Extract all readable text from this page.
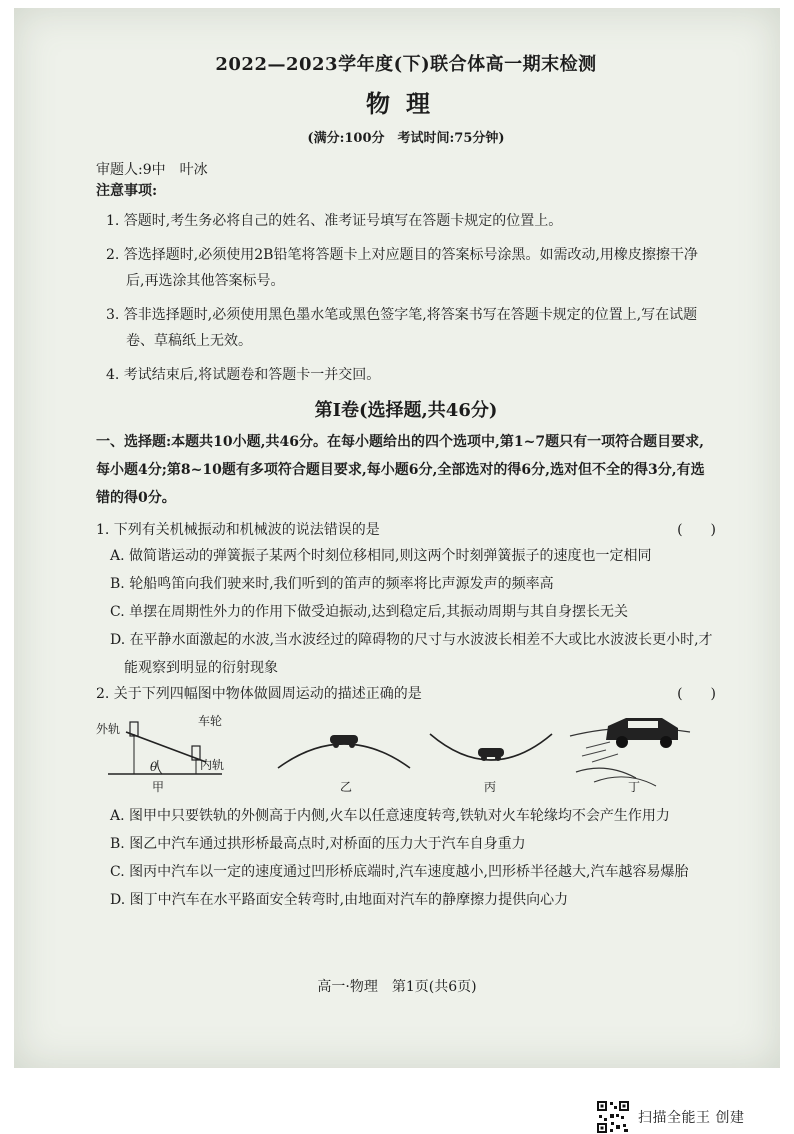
2022—2023学年度(下)联合体高一期末检测

物理

(满分:100分　考试时间:75分钟)

审题人:9中　叶冰

注意事项:

1. 答题时,考生务必将自己的姓名、准考证号填写在答题卡规定的位置上。

2. 答选择题时,必须使用2B铅笔将答题卡上对应题目的答案标号涂黑。如需改动,用橡皮擦擦干净后,再选涂其他答案标号。

3. 答非选择题时,必须使用黑色墨水笔或黑色签字笔,将答案书写在答题卡规定的位置上,写在试题卷、草稿纸上无效。

4. 考试结束后,将试题卷和答题卡一并交回。

第Ⅰ卷(选择题,共46分)

一、选择题:本题共10小题,共46分。在每小题给出的四个选项中,第1~7题只有一项符合题目要求,每小题4分;第8~10题有多项符合题目要求,每小题6分,全部选对的得6分,选对但不全的得3分,有选错的得0分。

1. 下列有关机械振动和机械波的说法错误的是	(　　)

A. 做简谐运动的弹簧振子某两个时刻位移相同,则这两个时刻弹簧振子的速度也一定相同

B. 轮船鸣笛向我们驶来时,我们听到的笛声的频率将比声源发声的频率高

C. 单摆在周期性外力的作用下做受迫振动,达到稳定后,其振动周期与其自身摆长无关

D. 在平静水面激起的水波,当水波经过的障碍物的尺寸与水波波长相差不大或比水波波长更小时,才能观察到明显的衍射现象

2. 关于下列四幅图中物体做圆周运动的描述正确的是	(　　)

外轨
车轮
内轨
θ
甲	乙	丙	丁

A. 图甲中只要铁轨的外侧高于内侧,火车以任意速度转弯,铁轨对火车轮缘均不会产生作用力

B. 图乙中汽车通过拱形桥最高点时,对桥面的压力大于汽车自身重力

C. 图丙中汽车以一定的速度通过凹形桥底端时,汽车速度越小,凹形桥半径越大,汽车越容易爆胎

D. 图丁中汽车在水平路面安全转弯时,由地面对汽车的静摩擦力提供向心力

高一·物理　第1页(共6页)
扫描全能王 创建
